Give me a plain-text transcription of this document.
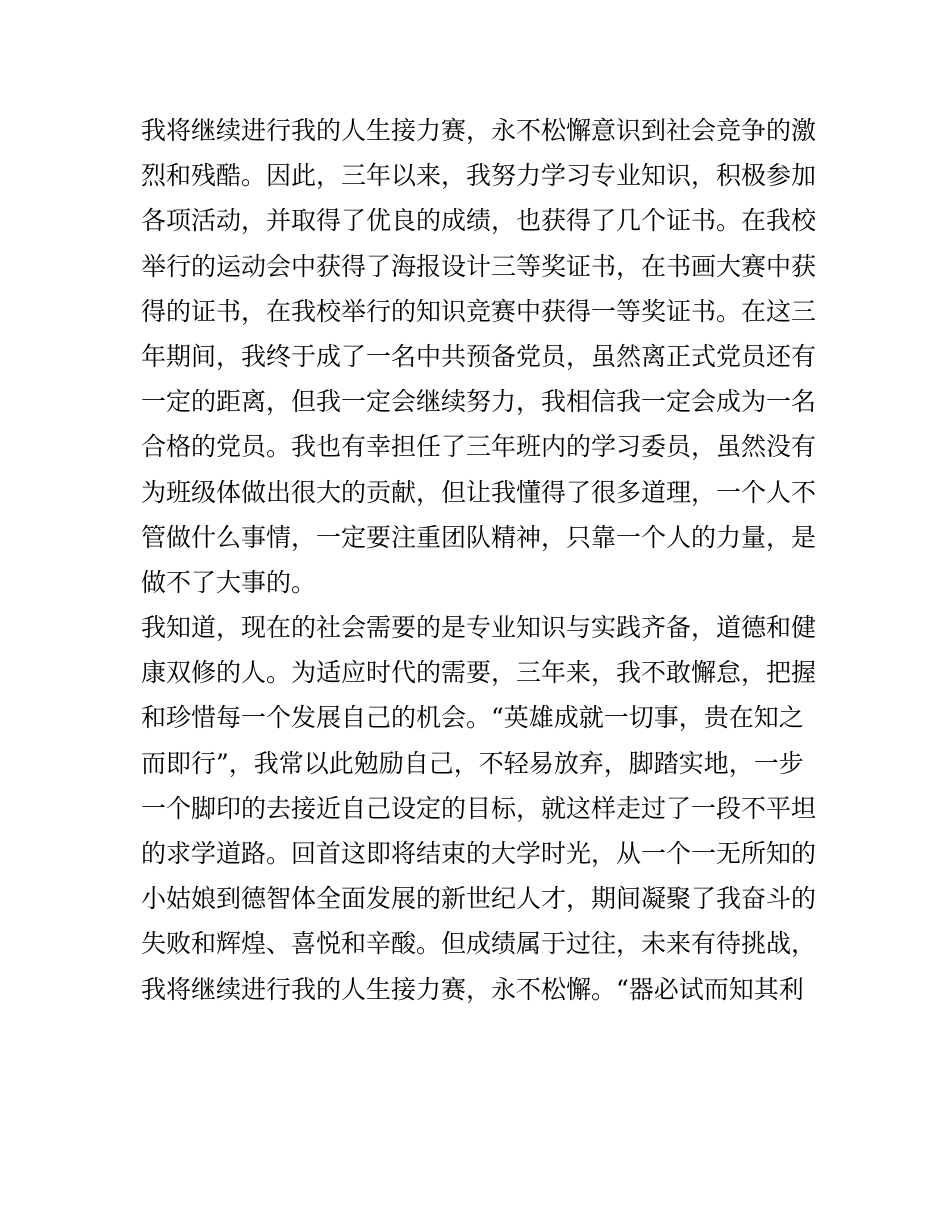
我将继续进行我的人生接力赛，永不松懈意识到社会竞争的激
烈和残酷。因此，三年以来，我努力学习专业知识，积极参加
各项活动，并取得了优良的成绩，也获得了几个证书。在我校
举行的运动会中获得了海报设计三等奖证书，在书画大赛中获
得的证书，在我校举行的知识竞赛中获得一等奖证书。在这三
年期间，我终于成了一名中共预备党员，虽然离正式党员还有
一定的距离，但我一定会继续努力，我相信我一定会成为一名
合格的党员。我也有幸担任了三年班内的学习委员，虽然没有
为班级体做出很大的贡献，但让我懂得了很多道理，一个人不
管做什么事情，一定要注重团队精神，只靠一个人的力量，是
做不了大事的。
我知道，现在的社会需要的是专业知识与实践齐备，道德和健
康双修的人。为适应时代的需要，三年来，我不敢懈怠，把握
和珍惜每一个发展自己的机会。“英雄成就一切事，贵在知之
而即行”，我常以此勉励自己，不轻易放弃，脚踏实地，一步
一个脚印的去接近自己设定的目标，就这样走过了一段不平坦
的求学道路。回首这即将结束的大学时光，从一个一无所知的
小姑娘到德智体全面发展的新世纪人才，期间凝聚了我奋斗的
失败和辉煌、喜悦和辛酸。但成绩属于过往，未来有待挑战，
我将继续进行我的人生接力赛，永不松懈。“器必试而知其利
